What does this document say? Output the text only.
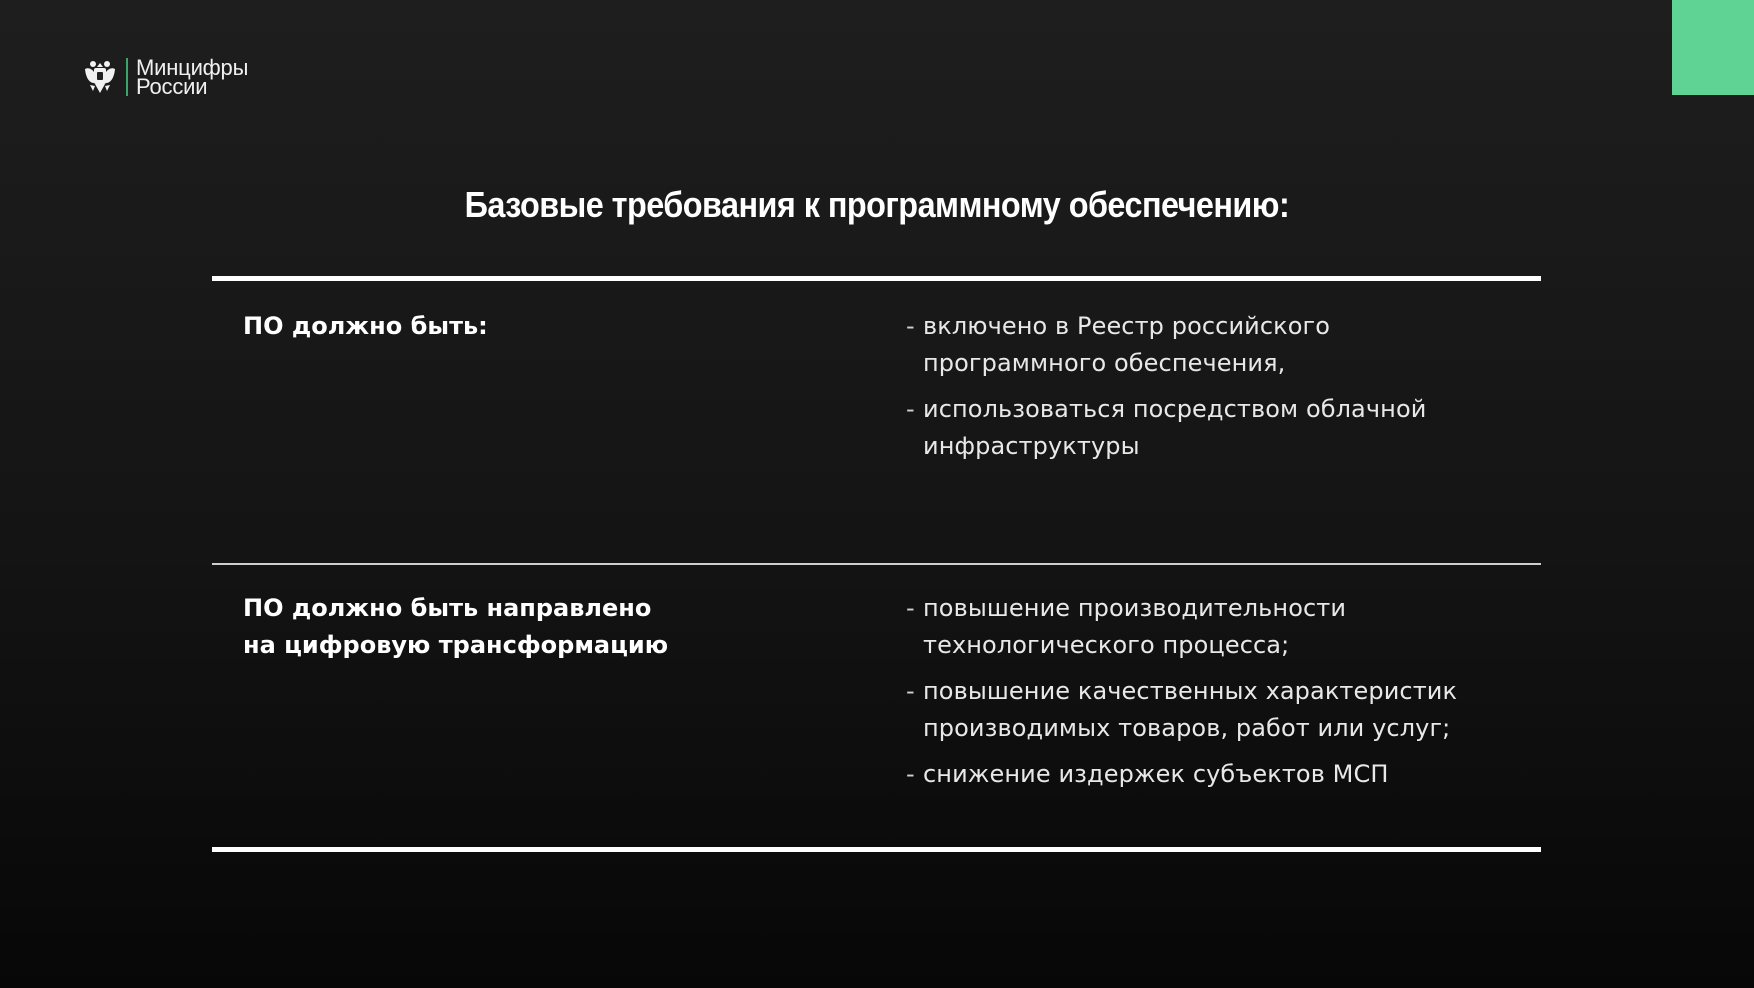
Минцифры
России
Базовые требования к программному обеспечению:
ПО должно быть:	- включено в Реестр российского
программного обеспечения,
- использоваться посредством облачной
инфраструктуры
ПО должно быть направлено
на цифровую трансформацию
- повышение производительности
технологического процесса;
- повышение качественных характеристик
производимых товаров, работ или услуг;
- снижение издержек субъектов МСП
